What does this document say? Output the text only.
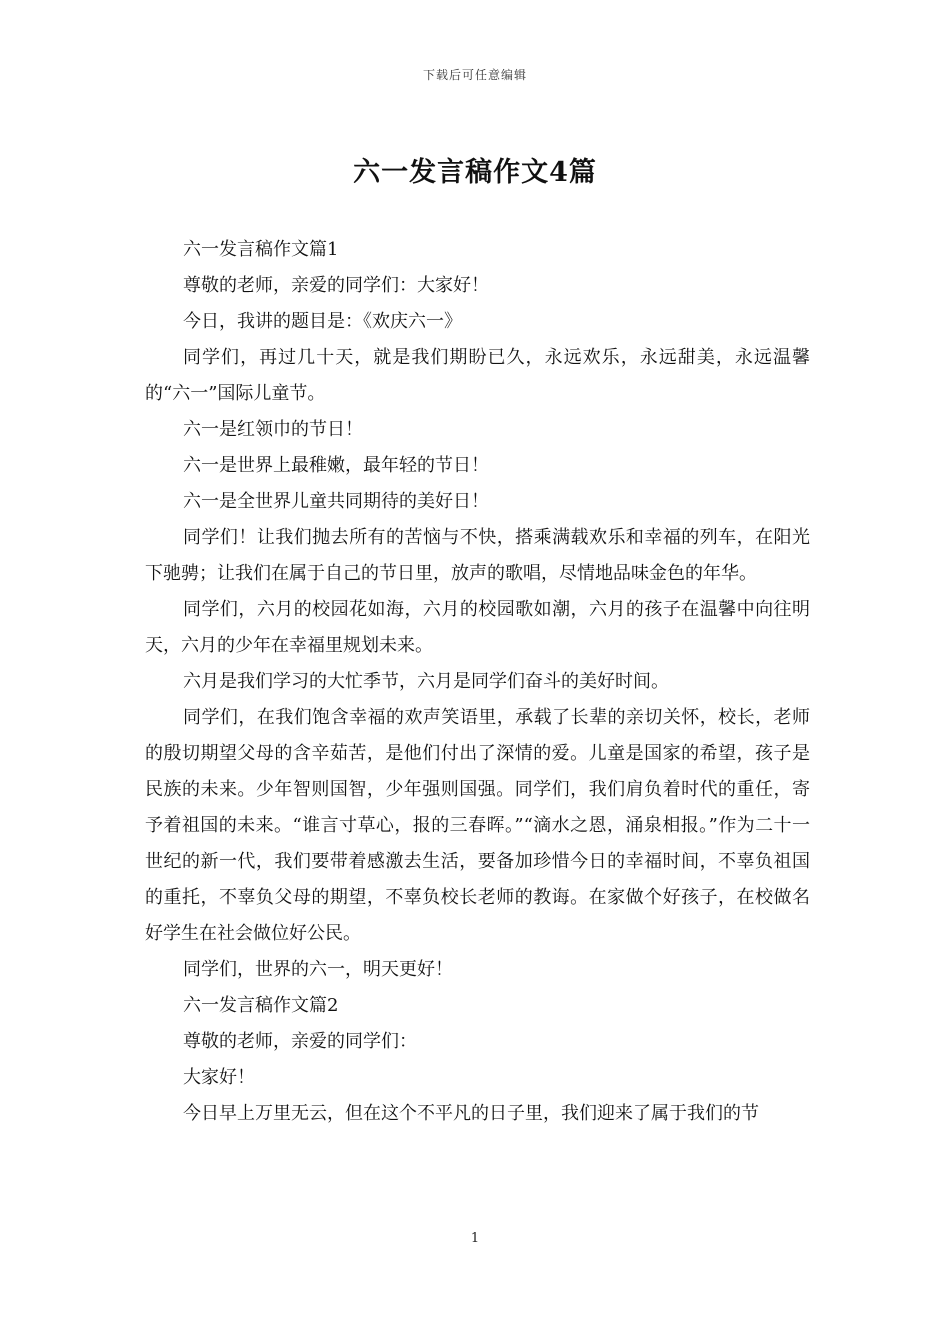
下载后可任意编辑
六一发言稿作文4篇

六一发言稿作文篇1

尊敬的老师，亲爱的同学们：大家好！

今日，我讲的题目是：《欢庆六一》

同学们，再过几十天，就是我们期盼已久，永远欢乐，永远甜美，永远温馨的“六一”国际儿童节。

六一是红领巾的节日！

六一是世界上最稚嫩，最年轻的节日！

六一是全世界儿童共同期待的美好日！

同学们！让我们抛去所有的苦恼与不快，搭乘满载欢乐和幸福的列车，在阳光下驰骋；让我们在属于自己的节日里，放声的歌唱，尽情地品味金色的年华。

同学们，六月的校园花如海，六月的校园歌如潮，六月的孩子在温馨中向往明天，六月的少年在幸福里规划未来。

六月是我们学习的大忙季节，六月是同学们奋斗的美好时间。

同学们，在我们饱含幸福的欢声笑语里，承载了长辈的亲切关怀，校长，老师的殷切期望父母的含辛茹苦，是他们付出了深情的爱。儿童是国家的希望，孩子是民族的未来。少年智则国智，少年强则国强。同学们，我们肩负着时代的重任，寄予着祖国的未来。“谁言寸草心，报的三春晖。”“滴水之恩，涌泉相报。”作为二十一世纪的新一代，我们要带着感激去生活，要备加珍惜今日的幸福时间，不辜负祖国的重托，不辜负父母的期望，不辜负校长老师的教诲。在家做个好孩子，在校做名好学生在社会做位好公民。

同学们，世界的六一，明天更好！

六一发言稿作文篇2

尊敬的老师，亲爱的同学们：

大家好！

今日早上万里无云，但在这个不平凡的日子里，我们迎来了属于我们的节

1
